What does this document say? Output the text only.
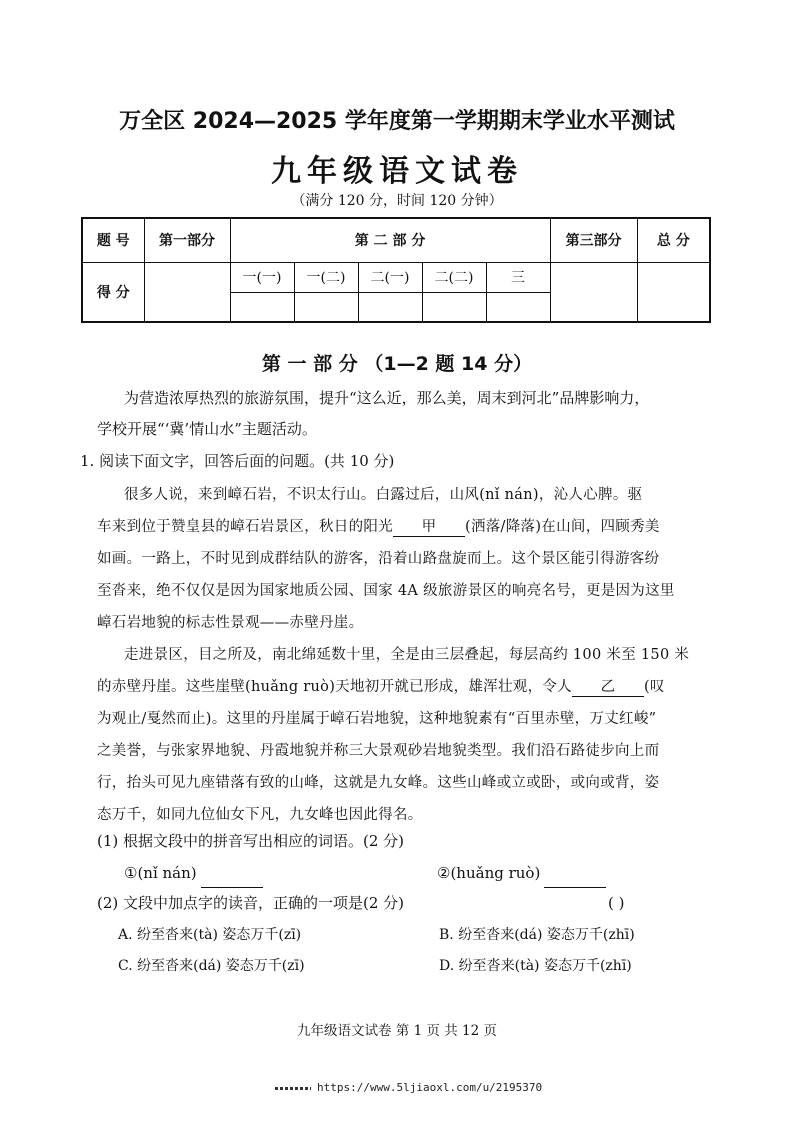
万全区 2024—2025 学年度第一学期期末学业水平测试
九年级语文试卷
（满分 120 分，时间 120 分钟）
题 号	第一部分	第 二 部 分					第三部分	总 分
得 分		一(一)	一(二)	二(一)	二(二)	三		

第 一 部 分 （1—2 题 14 分）
为营造浓厚热烈的旅游氛围，提升“这么近，那么美，周末到河北”品牌影响力，
学校开展“‘冀’情山水”主题活动。
1. 阅读下面文字，回答后面的问题。(共 10 分)
很多人说，来到嶂石岩，不识太行山。白露过后，山风(nǐ nán)，沁人心脾。驱
车来到位于赞皇县的嶂石岩景区，秋日的阳光 甲 (洒落/降落)在山间，四顾秀美
如画。一路上，不时见到成群结队的游客，沿着山路盘旋而上。这个景区能引得游客纷
至沓来，绝不仅仅是因为国家地质公园、国家 4A 级旅游景区的响亮名号，更是因为这里
嶂石岩地貌的标志性景观——赤壁丹崖。
走进景区，目之所及，南北绵延数十里，全是由三层叠起，每层高约 100 米至 150 米
的赤壁丹崖。这些崖壁(huǎng ruò)天地初开就已形成，雄浑壮观，令人 乙 (叹
为观止/戛然而止)。这里的丹崖属于嶂石岩地貌，这种地貌素有“百里赤壁，万丈红峻”
之美誉，与张家界地貌、丹霞地貌并称三大景观砂岩地貌类型。我们沿石路徒步向上而
行，抬头可见九座错落有致的山峰，这就是九女峰。这些山峰或立或卧，或向或背，姿
态万千，如同九位仙女下凡，九女峰也因此得名。
(1) 根据文段中的拼音写出相应的词语。(2 分)
①(nǐ nán)	②(huǎng ruò)
(2) 文段中加点字的读音，正确的一项是(2 分)	( )
A. 纷至沓来(tà) 姿态万千(zī)	B. 纷至沓来(dá) 姿态万千(zhī)
C. 纷至沓来(dá) 姿态万千(zī)	D. 纷至沓来(tà) 姿态万千(zhī)
九年级语文试卷 第 1 页 共 12 页
https://www.5ljiaoxl.com/u/2195370
